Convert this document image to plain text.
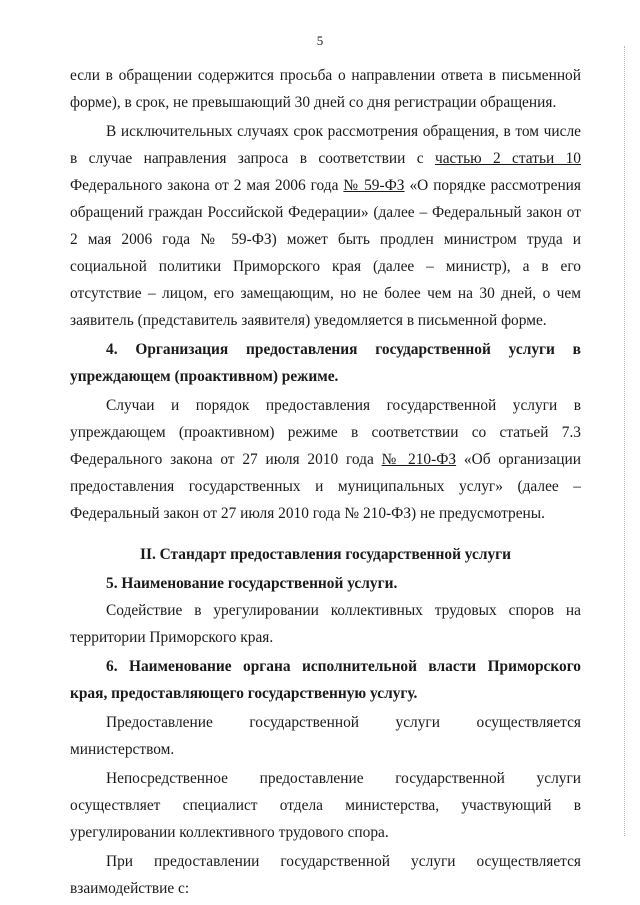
5

если в обращении содержится просьба о направлении ответа в письменной форме), в срок, не превышающий 30 дней со дня регистрации обращения.

В исключительных случаях срок рассмотрения обращения, в том числе в случае направления запроса в соответствии с частью 2 статьи 10 Федерального закона от 2 мая 2006 года № 59-ФЗ «О порядке рассмотрения обращений граждан Российской Федерации» (далее – Федеральный закон от 2 мая 2006 года № 59-ФЗ) может быть продлен министром труда и социальной политики Приморского края (далее – министр), а в его отсутствие – лицом, его замещающим, но не более чем на 30 дней, о чем заявитель (представитель заявителя) уведомляется в письменной форме.

4. Организация предоставления государственной услуги в упреждающем (проактивном) режиме.

Случаи и порядок предоставления государственной услуги в упреждающем (проактивном) режиме в соответствии со статьей 7.3 Федерального закона от 27 июля 2010 года № 210-ФЗ «Об организации предоставления государственных и муниципальных услуг» (далее – Федеральный закон от 27 июля 2010 года № 210-ФЗ) не предусмотрены.

II. Стандарт предоставления государственной услуги

5. Наименование государственной услуги.

Содействие в урегулировании коллективных трудовых споров на территории Приморского края.

6. Наименование органа исполнительной власти Приморского края, предоставляющего государственную услугу.

Предоставление государственной услуги осуществляется министерством.

Непосредственное предоставление государственной услуги осуществляет специалист отдела министерства, участвующий в урегулировании коллективного трудового спора.

При предоставлении государственной услуги осуществляется взаимодействие с:
